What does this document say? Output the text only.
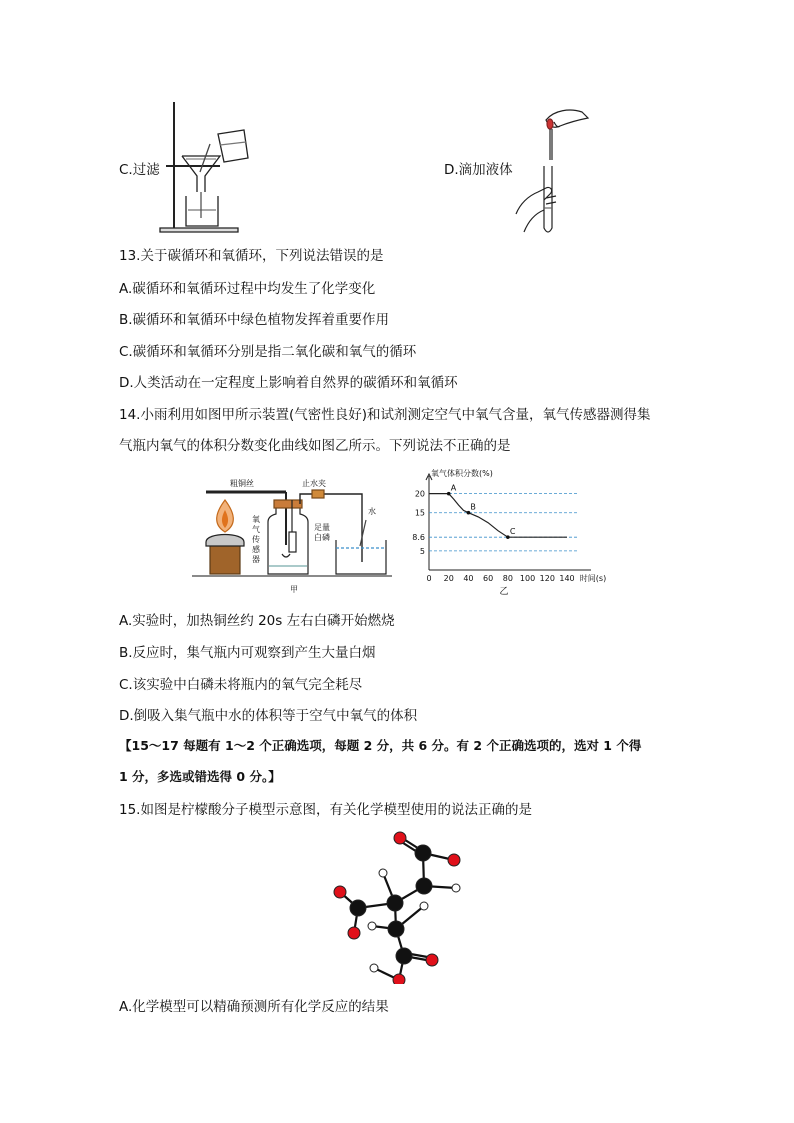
C.过滤	D.滴加液体
13.关于碳循环和氧循环，下列说法错误的是
A.碳循环和氧循环过程中均发生了化学变化
B.碳循环和氧循环中绿色植物发挥着重要作用
C.碳循环和氧循环分别是指二氧化碳和氧气的循环
D.人类活动在一定程度上影响着自然界的碳循环和氧循环
14.小雨利用如图甲所示装置(气密性良好)和试剂测定空气中氧气含量，氧气传感器测得集
气瓶内氧气的体积分数变化曲线如图乙所示。下列说法不正确的是
粗铜丝	止水夹
水
氧
气
传
感
器
足量
白磷
甲
5
8.6
15
20
0 20 40 60 80 100 120 140
氧气体积分数(%)
时间(s)
A
B
C
乙
A.实验时，加热铜丝约 20s 左右白磷开始燃烧
B.反应时，集气瓶内可观察到产生大量白烟
C.该实验中白磷未将瓶内的氧气完全耗尽
D.倒吸入集气瓶中水的体积等于空气中氧气的体积
【15～17 每题有 1～2 个正确选项，每题 2 分，共 6 分。有 2 个正确选项的，选对 1 个得
1 分，多选或错选得 0 分。】
15.如图是柠檬酸分子模型示意图，有关化学模型使用的说法正确的是
A.化学模型可以精确预测所有化学反应的结果
